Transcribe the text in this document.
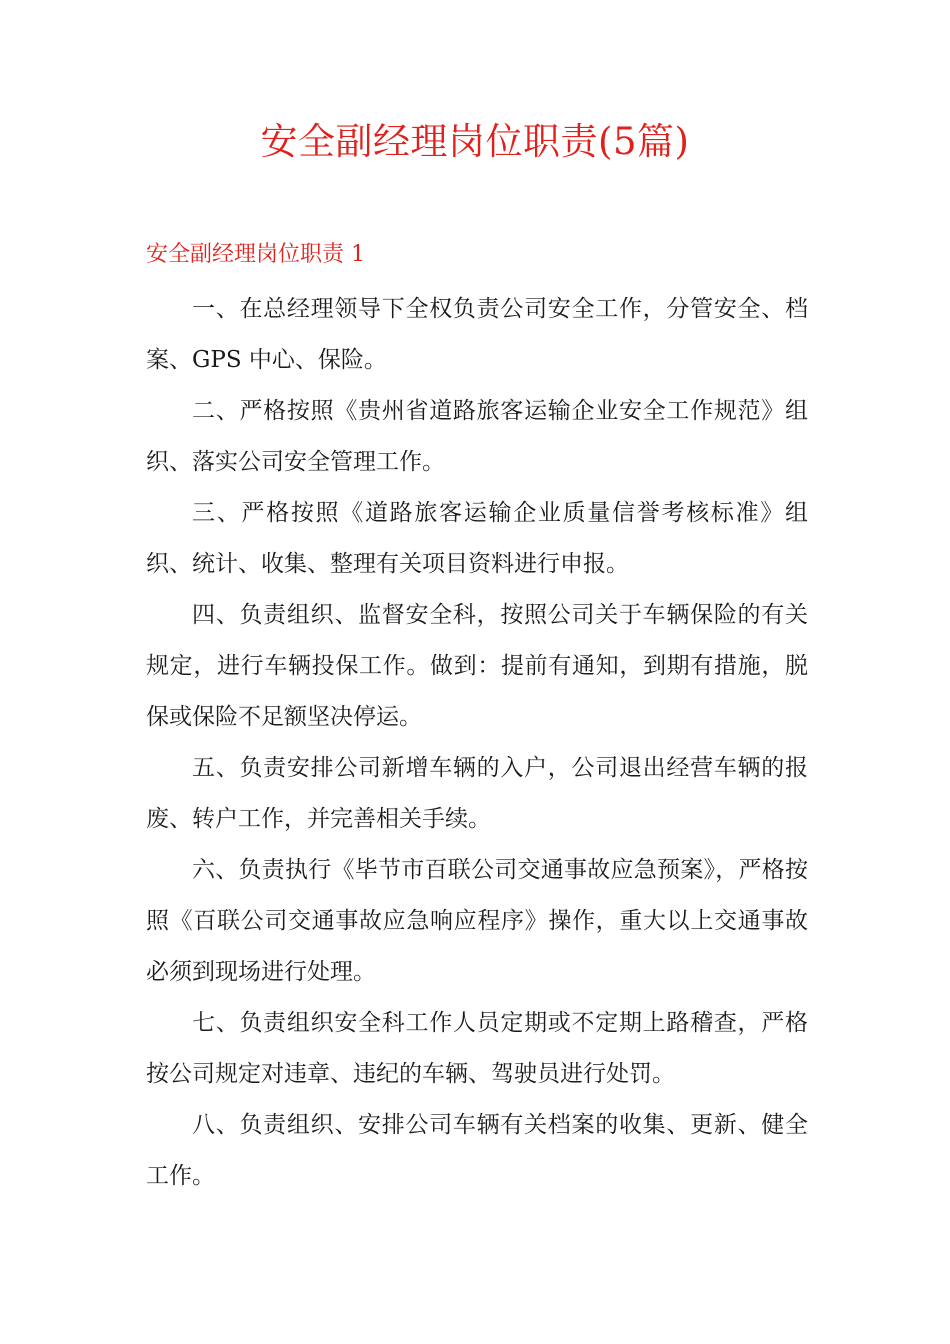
安全副经理岗位职责(5篇)
安全副经理岗位职责 1

一、在总经理领导下全权负责公司安全工作，分管安全、档案、GPS 中心、保险。

二、严格按照《贵州省道路旅客运输企业安全工作规范》组织、落实公司安全管理工作。

三、严格按照《道路旅客运输企业质量信誉考核标准》组织、统计、收集、整理有关项目资料进行申报。

四、负责组织、监督安全科，按照公司关于车辆保险的有关规定，进行车辆投保工作。做到：提前有通知，到期有措施，脱保或保险不足额坚决停运。

五、负责安排公司新增车辆的入户，公司退出经营车辆的报废、转户工作，并完善相关手续。

六、负责执行《毕节市百联公司交通事故应急预案》，严格按照《百联公司交通事故应急响应程序》操作，重大以上交通事故必须到现场进行处理。

七、负责组织安全科工作人员定期或不定期上路稽查，严格按公司规定对违章、违纪的车辆、驾驶员进行处罚。

八、负责组织、安排公司车辆有关档案的收集、更新、健全工作。
